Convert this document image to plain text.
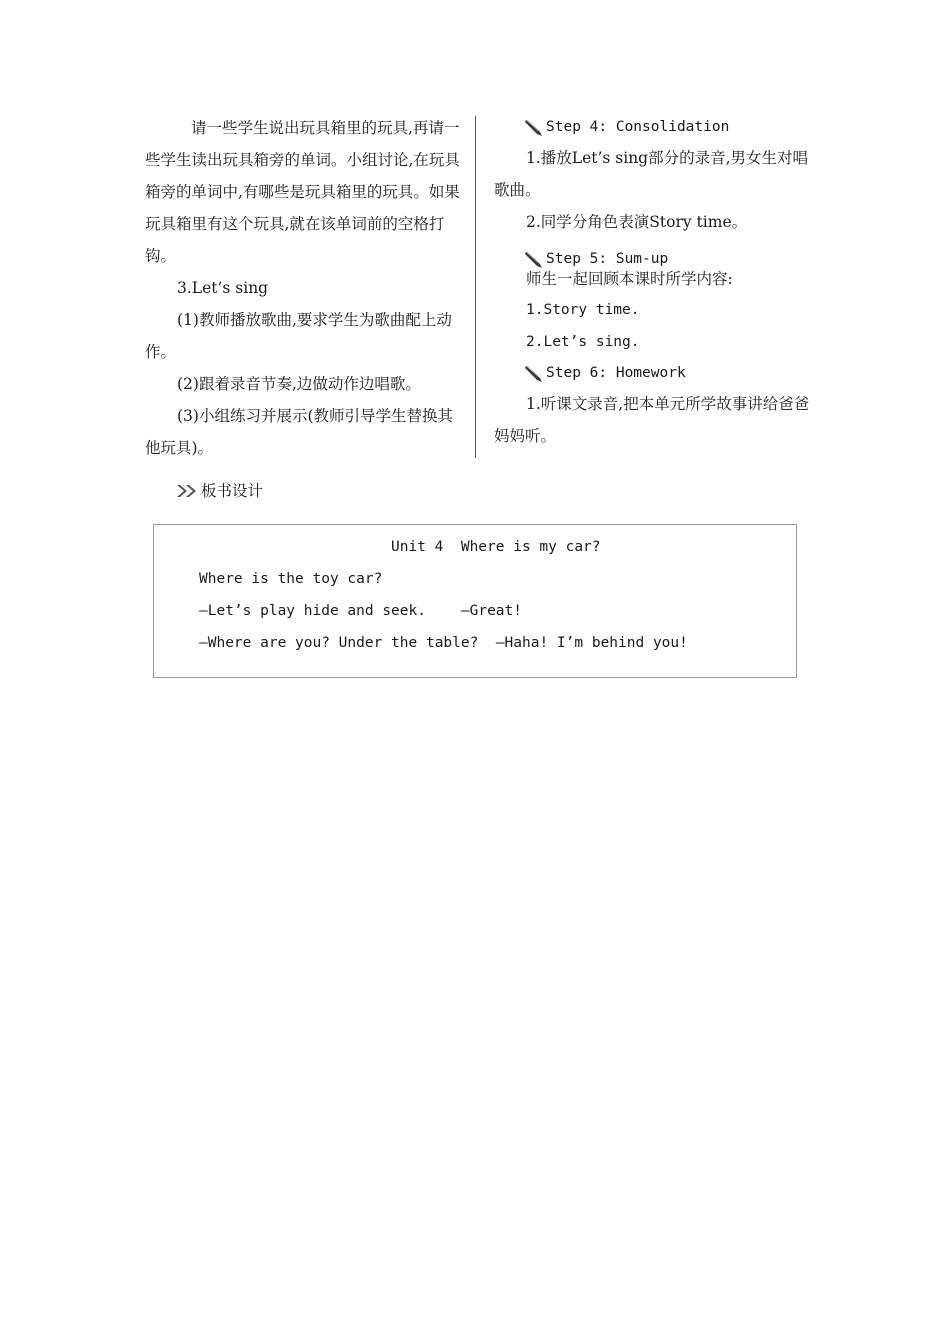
请一些学生说出玩具箱里的玩具,再请一些学生读出玩具箱旁的单词。小组讨论,在玩具箱旁的单词中,有哪些是玩具箱里的玩具。如果玩具箱里有这个玩具,就在该单词前的空格打钩。

3.Let’s sing

(1)教师播放歌曲,要求学生为歌曲配上动作。

(2)跟着录音节奏,边做动作边唱歌。

(3)小组练习并展示(教师引导学生替换其他玩具)。

Step 4: Consolidation

1.播放Let’s sing部分的录音,男女生对唱歌曲。

2.同学分角色表演Story time。

Step 5: Sum-up

师生一起回顾本课时所学内容:

1.Story time.

2.Let’s sing.

Step 6: Homework

1.听课文录音,把本单元所学故事讲给爸爸妈妈听。

板书设计
Unit 4  Where is my car?
Where is the toy car?
—Let’s play hide and seek.    —Great!
—Where are you? Under the table?  —Haha! I’m behind you!
